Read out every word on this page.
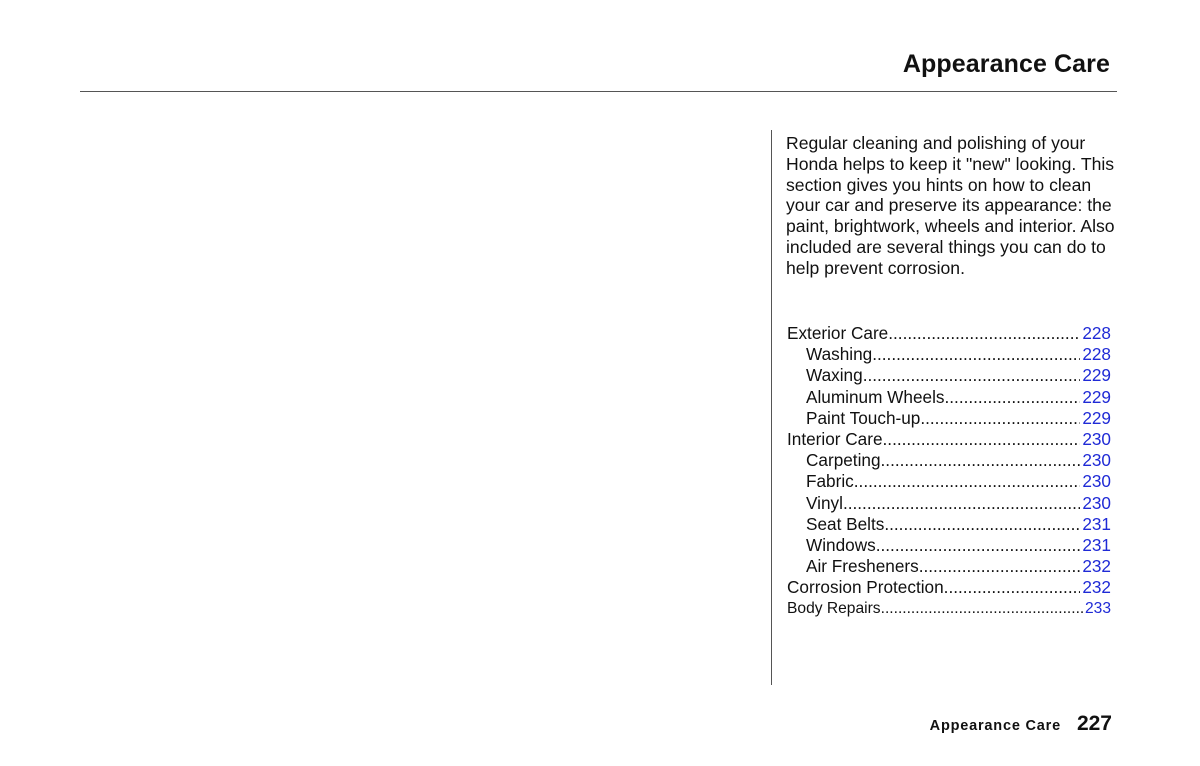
Appearance Care

Regular cleaning and polishing of your Honda helps to keep it "new" looking. This section gives you hints on how to clean your car and preserve its appearance: the paint, brightwork, wheels and interior. Also included are several things you can do to help prevent corrosion.

Exterior Care .....	228
Washing .....	228
Waxing .....	229
Aluminum Wheels .....	229
Paint Touch-up .....	229
Interior Care .....	230
Carpeting .....	230
Fabric .....	230
Vinyl .....	230
Seat Belts .....	231
Windows .....	231
Air Fresheners .....	232
Corrosion Protection .....	232
Body Repairs .....	233
Appearance Care 227
